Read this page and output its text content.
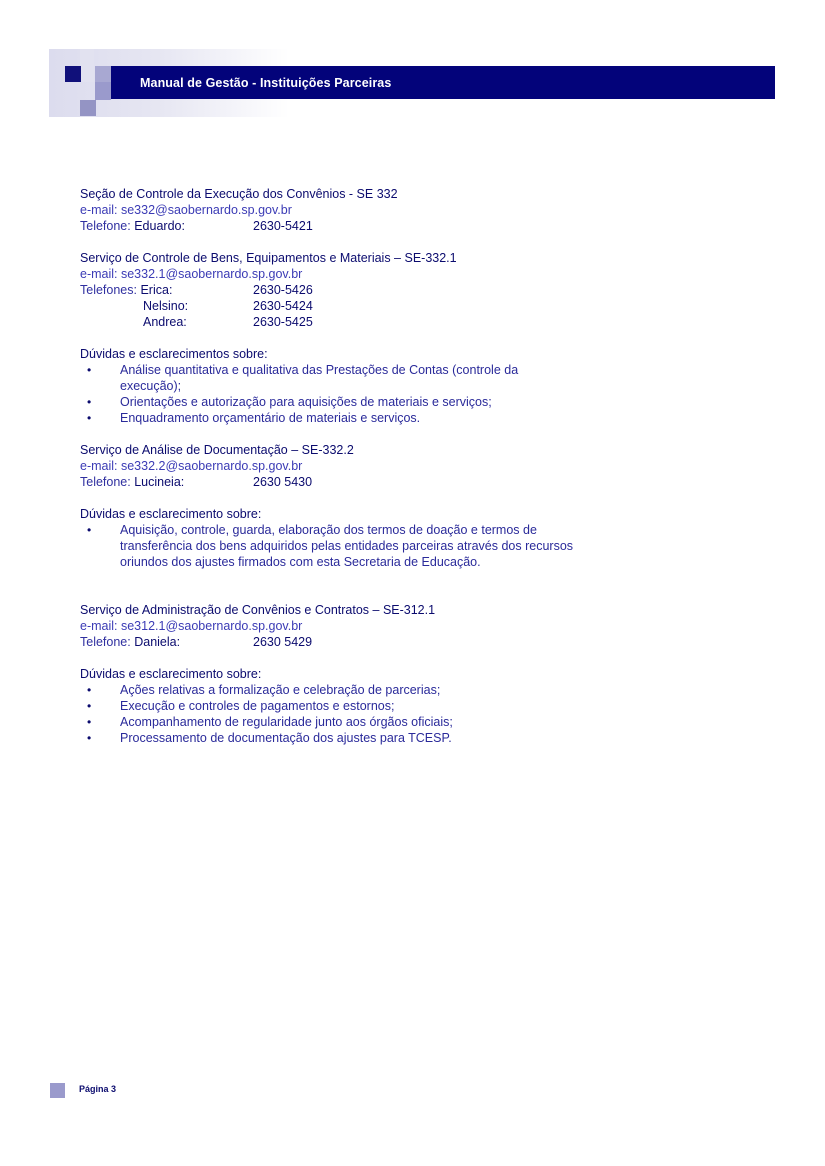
Manual de Gestão - Instituições Parceiras
Seção de Controle da Execução dos Convênios - SE 332
e-mail: se332@saobernardo.sp.gov.br
Telefone: Eduardo:	2630-5421
Serviço de Controle de Bens, Equipamentos e Materiais – SE-332.1
e-mail: se332.1@saobernardo.sp.gov.br
Telefones: Erica:	2630-5426
Nelsino:	2630-5424
Andrea:	2630-5425
Dúvidas e esclarecimentos sobre:
• Análise quantitativa e qualitativa das Prestações de Contas (controle da execução);
• Orientações e autorização para aquisições de materiais e serviços;
• Enquadramento orçamentário de materiais e serviços.
Serviço de Análise de Documentação – SE-332.2
e-mail: se332.2@saobernardo.sp.gov.br
Telefone: Lucineia:	2630 5430
Dúvidas e esclarecimento sobre:
• Aquisição, controle, guarda, elaboração dos termos de doação e termos de transferência dos bens adquiridos pelas entidades parceiras através dos recursos oriundos dos ajustes firmados com esta Secretaria de Educação.
Serviço de Administração de Convênios e Contratos – SE-312.1
e-mail: se312.1@saobernardo.sp.gov.br
Telefone: Daniela:	2630 5429
Dúvidas e esclarecimento sobre:
• Ações relativas a formalização e celebração de parcerias;
• Execução e controles de pagamentos e estornos;
• Acompanhamento de regularidade junto aos órgãos oficiais;
• Processamento de documentação dos ajustes para TCESP.
Página 3
